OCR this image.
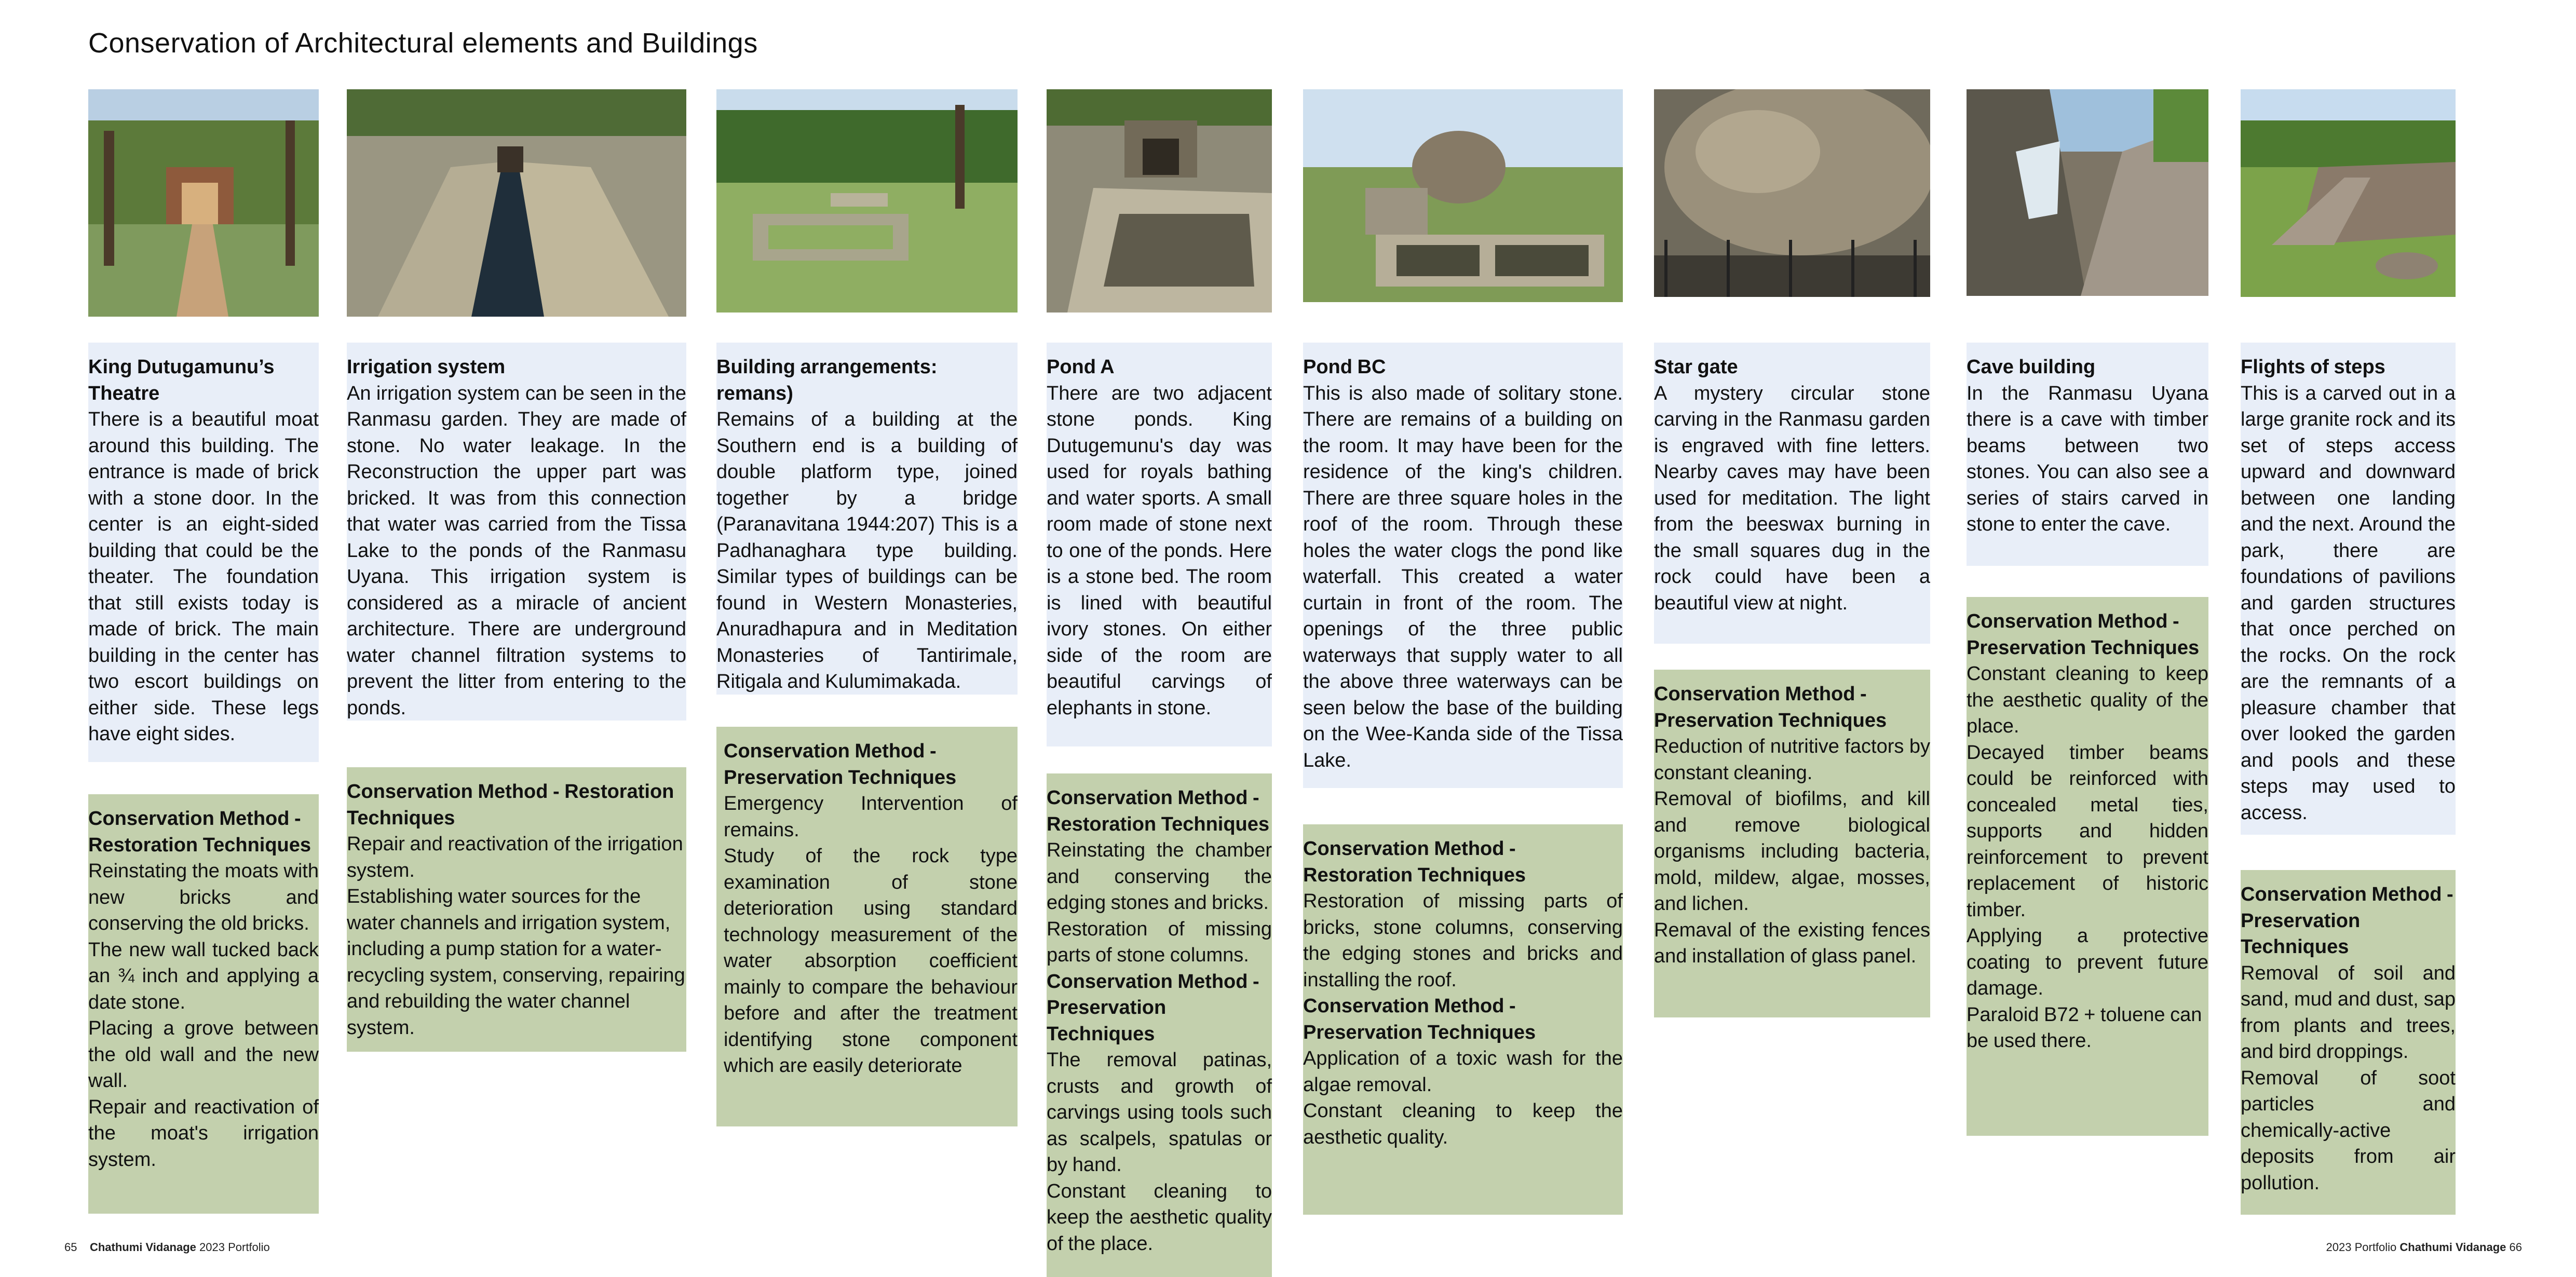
Conservation of Architectural elements and Buildings
King Dutugamunu’s Theatre

There is a beautiful moat around this building. The entrance is made of brick with a stone door. In the center is an eight-sided building that could be the theater. The foundation that still exists today is made of brick. The main building in the center has two escort buildings on either side. These legs have eight sides.

Conservation Method - Restoration Techniques

Reinstating the moats with new bricks and conserving the old bricks.

The new wall tucked back an ¾ inch and applying a date stone.

Placing a grove between the old wall and the new wall.

Repair and reactivation of the moat's irrigation system.

Irrigation system

An irrigation system can be seen in the Ranmasu garden. They are made of stone. No water leakage. In the Reconstruction the upper part was bricked. It was from this connection that water was carried from the Tissa Lake to the ponds of the Ranmasu Uyana. This irrigation system is considered as a miracle of ancient architecture. There are underground water channel filtration systems to prevent the litter from entering to the ponds.

Conservation Method - Restoration Techniques

Repair and reactivation of the irrigation system.

Establishing water sources for the water channels and irrigation system, including a pump station for a water-recycling system, conserving, repairing and rebuilding the water channel system.

Building arrangements: remans)

Remains of a building at the Southern end is a building of double platform type, joined together by a bridge (Paranavitana 1944:207) This is a Padhanaghara type building. Similar types of buildings can be found in Western Monasteries, Anuradhapura and in Meditation Monasteries of Tantirimale, Ritigala and Kulumimakada.

Conservation Method - Preservation Techniques

Emergency Intervention of remains.

Study of the rock type examination of stone deterioration using standard technology measurement of the water absorption coefficient mainly to compare the behaviour before and after the treatment identifying stone component which are easily deteriorate

Pond A

There are two adjacent stone ponds. King Dutugemunu's day was used for royals bathing and water sports. A small room made of stone next to one of the ponds. Here is a stone bed. The room is lined with beautiful ivory stones. On either side of the room are beautiful carvings of elephants in stone.

Conservation Method - Restoration Techniques

Reinstating the chamber and conserving the edging stones and bricks.

Restoration of missing parts of stone columns.

Conservation Method - Preservation Techniques

The removal patinas, crusts and growth of carvings using tools such as scalpels, spatulas or by hand.

Constant cleaning to keep the aesthetic quality of the place.

Pond BC

This is also made of solitary stone. There are remains of a building on the room. It may have been for the residence of the king's children. There are three square holes in the roof of the room. Through these holes the water clogs the pond like waterfall. This created a water curtain in front of the room. The openings of the three public waterways that supply water to all the above three waterways can be seen below the base of the building on the Wee-Kanda side of the Tissa Lake.

Conservation Method - Restoration Techniques

Restoration of missing parts of bricks, stone columns, conserving the edging stones and bricks and installing the roof.

Conservation Method - Preservation Techniques

Application of a toxic wash for the algae removal.

Constant cleaning to keep the aesthetic quality.

Star gate

A mystery circular stone carving in the Ranmasu garden is engraved with fine letters. Nearby caves may have been used for meditation. The light from the beeswax burning in the small squares dug in the rock could have been a beautiful view at night.

Conservation Method - Preservation Techniques

Reduction of nutritive factors by constant cleaning.

Removal of biofilms, and kill and remove biological organisms including bacteria, mold, mildew, algae, mosses, and lichen.

Remaval of the existing fences and installation of glass panel.

Cave building

In the Ranmasu Uyana there is a cave with timber beams between two stones. You can also see a series of stairs carved in stone to enter the cave.

Conservation Method - Preservation Techniques

Constant cleaning to keep the aesthetic quality of the place.

Decayed timber beams could be reinforced with concealed metal ties, supports and hidden reinforcement to prevent replacement of historic timber.

Applying a protective coating to prevent future damage.

Paraloid B72 + toluene can be used there.

Flights of steps

This is a carved out in a large granite rock and its set of steps access upward and downward between one landing and the next. Around the park, there are foundations of pavilions and garden structures that once perched on the rocks. On the rock are the remnants of a pleasure chamber that over looked the garden and pools and these steps may used to access.

Conservation Method - Preservation Techniques

Removal of soil and sand, mud and dust, sap from plants and trees, and bird droppings.

Removal of soot particles and chemically-active deposits from air pollution.

65 Chathumi Vidanage 2023 Portfolio	2023 Portfolio Chathumi Vidanage 66
